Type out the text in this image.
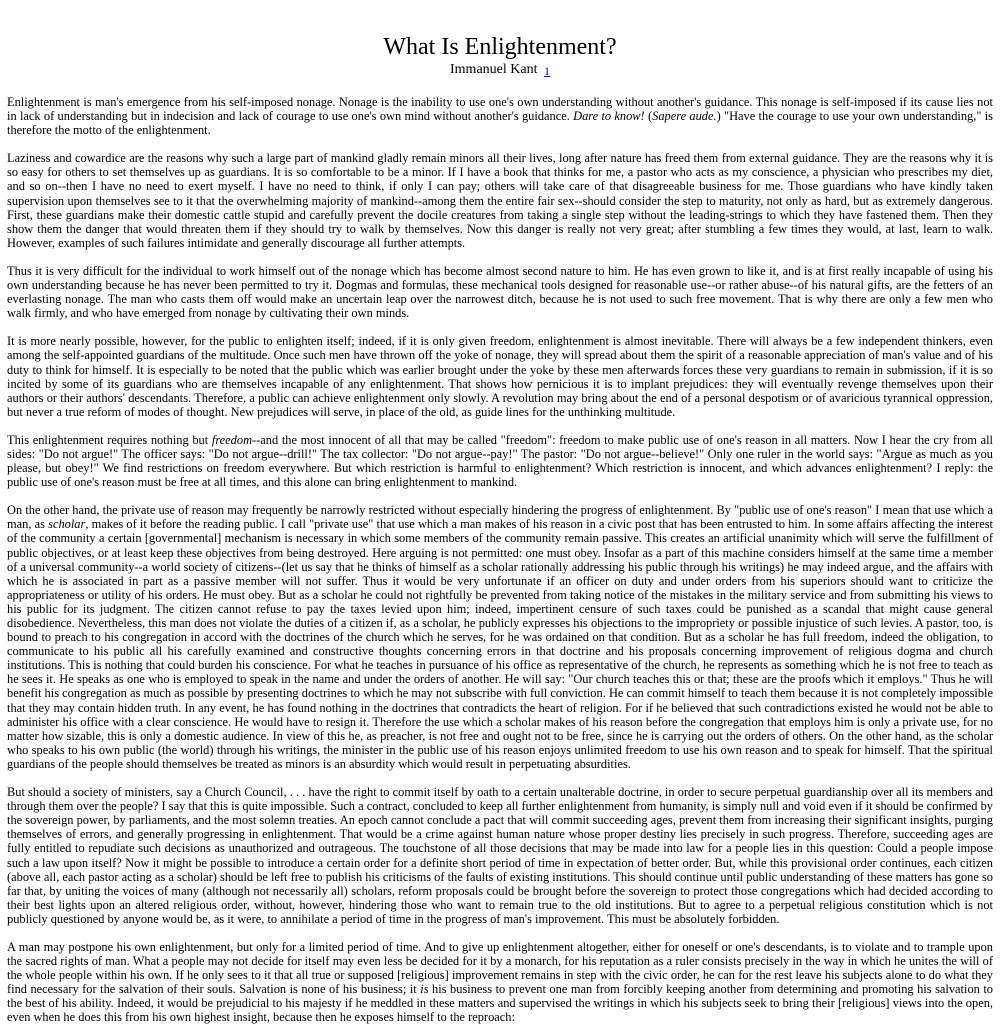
What Is Enlightenment?
Immanuel Kant 1

Enlightenment is man's emergence from his self-imposed nonage. Nonage is the inability to use one's own understanding without another's guidance. This nonage is self-imposed if its cause lies not in lack of understanding but in indecision and lack of courage to use one's own mind without another's guidance. Dare to know! (Sapere aude.) "Have the courage to use your own understanding," is therefore the motto of the enlightenment.

Laziness and cowardice are the reasons why such a large part of mankind gladly remain minors all their lives, long after nature has freed them from external guidance. They are the reasons why it is so easy for others to set themselves up as guardians. It is so comfortable to be a minor. If I have a book that thinks for me, a pastor who acts as my conscience, a physician who prescribes my diet, and so on--then I have no need to exert myself. I have no need to think, if only I can pay; others will take care of that disagreeable business for me. Those guardians who have kindly taken supervision upon themselves see to it that the overwhelming majority of mankind--among them the entire fair sex--should consider the step to maturity, not only as hard, but as extremely dangerous. First, these guardians make their domestic cattle stupid and carefully prevent the docile creatures from taking a single step without the leading-strings to which they have fastened them. Then they show them the danger that would threaten them if they should try to walk by themselves. Now this danger is really not very great; after stumbling a few times they would, at last, learn to walk. However, examples of such failures intimidate and generally discourage all further attempts.

Thus it is very difficult for the individual to work himself out of the nonage which has become almost second nature to him. He has even grown to like it, and is at first really incapable of using his own understanding because he has never been permitted to try it. Dogmas and formulas, these mechanical tools designed for reasonable use--or rather abuse--of his natural gifts, are the fetters of an everlasting nonage. The man who casts them off would make an uncertain leap over the narrowest ditch, because he is not used to such free movement. That is why there are only a few men who walk firmly, and who have emerged from nonage by cultivating their own minds.

It is more nearly possible, however, for the public to enlighten itself; indeed, if it is only given freedom, enlightenment is almost inevitable. There will always be a few independent thinkers, even among the self-appointed guardians of the multitude. Once such men have thrown off the yoke of nonage, they will spread about them the spirit of a reasonable appreciation of man's value and of his duty to think for himself. It is especially to be noted that the public which was earlier brought under the yoke by these men afterwards forces these very guardians to remain in submission, if it is so incited by some of its guardians who are themselves incapable of any enlightenment. That shows how pernicious it is to implant prejudices: they will eventually revenge themselves upon their authors or their authors' descendants. Therefore, a public can achieve enlightenment only slowly. A revolution may bring about the end of a personal despotism or of avaricious tyrannical oppression, but never a true reform of modes of thought. New prejudices will serve, in place of the old, as guide lines for the unthinking multitude.

This enlightenment requires nothing but freedom--and the most innocent of all that may be called "freedom": freedom to make public use of one's reason in all matters. Now I hear the cry from all sides: "Do not argue!" The officer says: "Do not argue--drill!" The tax collector: "Do not argue--pay!" The pastor: "Do not argue--believe!" Only one ruler in the world says: "Argue as much as you please, but obey!" We find restrictions on freedom everywhere. But which restriction is harmful to enlightenment? Which restriction is innocent, and which advances enlightenment? I reply: the public use of one's reason must be free at all times, and this alone can bring enlightenment to mankind.

On the other hand, the private use of reason may frequently be narrowly restricted without especially hindering the progress of enlightenment. By "public use of one's reason" I mean that use which a man, as scholar, makes of it before the reading public. I call "private use" that use which a man makes of his reason in a civic post that has been entrusted to him. In some affairs affecting the interest of the community a certain [governmental] mechanism is necessary in which some members of the community remain passive. This creates an artificial unanimity which will serve the fulfillment of public objectives, or at least keep these objectives from being destroyed. Here arguing is not permitted: one must obey. Insofar as a part of this machine considers himself at the same time a member of a universal community--a world society of citizens--(let us say that he thinks of himself as a scholar rationally addressing his public through his writings) he may indeed argue, and the affairs with which he is associated in part as a passive member will not suffer. Thus it would be very unfortunate if an officer on duty and under orders from his superiors should want to criticize the appropriateness or utility of his orders. He must obey. But as a scholar he could not rightfully be prevented from taking notice of the mistakes in the military service and from submitting his views to his public for its judgment. The citizen cannot refuse to pay the taxes levied upon him; indeed, impertinent censure of such taxes could be punished as a scandal that might cause general disobedience. Nevertheless, this man does not violate the duties of a citizen if, as a scholar, he publicly expresses his objections to the impropriety or possible injustice of such levies. A pastor, too, is bound to preach to his congregation in accord with the doctrines of the church which he serves, for he was ordained on that condition. But as a scholar he has full freedom, indeed the obligation, to communicate to his public all his carefully examined and constructive thoughts concerning errors in that doctrine and his proposals concerning improvement of religious dogma and church institutions. This is nothing that could burden his conscience. For what he teaches in pursuance of his office as representative of the church, he represents as something which he is not free to teach as he sees it. He speaks as one who is employed to speak in the name and under the orders of another. He will say: "Our church teaches this or that; these are the proofs which it employs." Thus he will benefit his congregation as much as possible by presenting doctrines to which he may not subscribe with full conviction. He can commit himself to teach them because it is not completely impossible that they may contain hidden truth. In any event, he has found nothing in the doctrines that contradicts the heart of religion. For if he believed that such contradictions existed he would not be able to administer his office with a clear conscience. He would have to resign it. Therefore the use which a scholar makes of his reason before the congregation that employs him is only a private use, for no matter how sizable, this is only a domestic audience. In view of this he, as preacher, is not free and ought not to be free, since he is carrying out the orders of others. On the other hand, as the scholar who speaks to his own public (the world) through his writings, the minister in the public use of his reason enjoys unlimited freedom to use his own reason and to speak for himself. That the spiritual guardians of the people should themselves be treated as minors is an absurdity which would result in perpetuating absurdities.

But should a society of ministers, say a Church Council, . . . have the right to commit itself by oath to a certain unalterable doctrine, in order to secure perpetual guardianship over all its members and through them over the people? I say that this is quite impossible. Such a contract, concluded to keep all further enlightenment from humanity, is simply null and void even if it should be confirmed by the sovereign power, by parliaments, and the most solemn treaties. An epoch cannot conclude a pact that will commit succeeding ages, prevent them from increasing their significant insights, purging themselves of errors, and generally progressing in enlightenment. That would be a crime against human nature whose proper destiny lies precisely in such progress. Therefore, succeeding ages are fully entitled to repudiate such decisions as unauthorized and outrageous. The touchstone of all those decisions that may be made into law for a people lies in this question: Could a people impose such a law upon itself? Now it might be possible to introduce a certain order for a definite short period of time in expectation of better order. But, while this provisional order continues, each citizen (above all, each pastor acting as a scholar) should be left free to publish his criticisms of the faults of existing institutions. This should continue until public understanding of these matters has gone so far that, by uniting the voices of many (although not necessarily all) scholars, reform proposals could be brought before the sovereign to protect those congregations which had decided according to their best lights upon an altered religious order, without, however, hindering those who want to remain true to the old institutions. But to agree to a perpetual religious constitution which is not publicly questioned by anyone would be, as it were, to annihilate a period of time in the progress of man's improvement. This must be absolutely forbidden.

A man may postpone his own enlightenment, but only for a limited period of time. And to give up enlightenment altogether, either for oneself or one's descendants, is to violate and to trample upon the sacred rights of man. What a people may not decide for itself may even less be decided for it by a monarch, for his reputation as a ruler consists precisely in the way in which he unites the will of the whole people within his own. If he only sees to it that all true or supposed [religious] improvement remains in step with the civic order, he can for the rest leave his subjects alone to do what they find necessary for the salvation of their souls. Salvation is none of his business; it is his business to prevent one man from forcibly keeping another from determining and promoting his salvation to the best of his ability. Indeed, it would be prejudicial to his majesty if he meddled in these matters and supervised the writings in which his subjects seek to bring their [religious] views into the open, even when he does this from his own highest insight, because then he exposes himself to the reproach:
